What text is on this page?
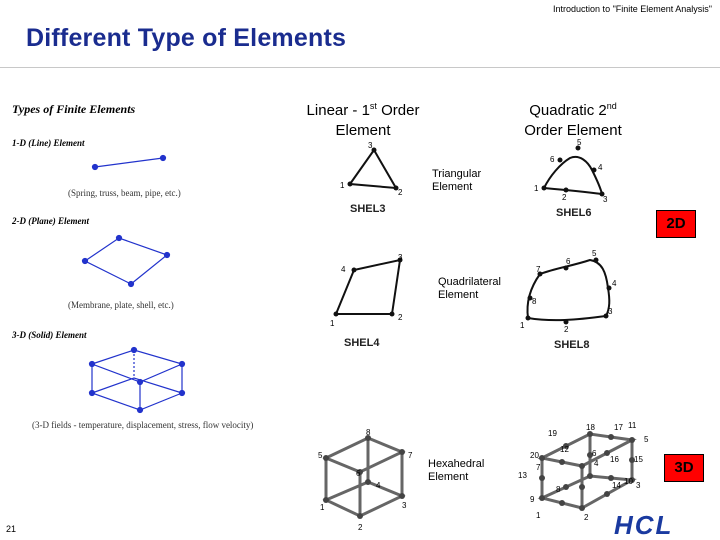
Introduction to "Finite Element Analysis"
Different Type of Elements
Linear - 1st Order
Element
Quadratic 2nd
Order Element
Types of Finite Elements
1-D (Line) Element
2-D (Plane) Element
3-D (Solid) Element
(Spring, truss, beam, pipe, etc.)
(Membrane, plate, shell, etc.)
(3-D fields - temperature, displacement, stress, flow velocity)
Triangular
Element
Quadrilateral
Element
Hexahedral
Element
1
2
3
SHEL3
1
2	3
4
5
6
SHEL6
1
2
3
4
SHEL4
1	2
3
4
5
6
7
8
SHEL8
1
2
3
4
5
6
7
8
1	2
3
4
5
6
7
8
9
10
11
12
13
14
15
16
17
18
19
20
2D
3D
21	HCL
